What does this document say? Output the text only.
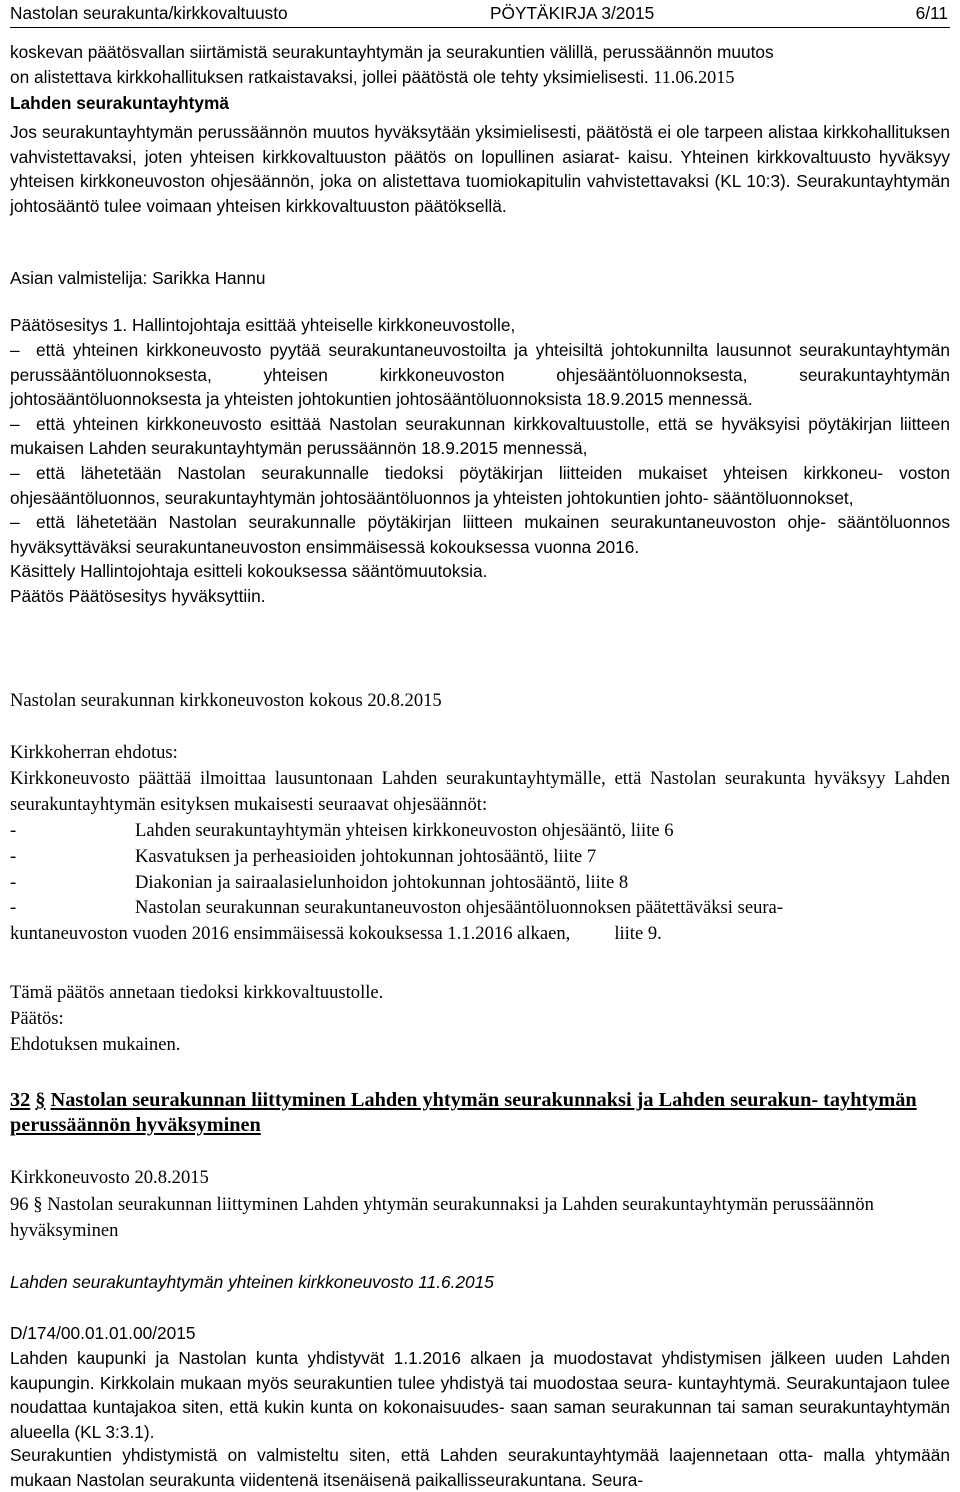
Nastolan seurakunta/kirkkovaltuusto	PÖYTÄKIRJA 3/2015	6/11
koskevan päätösvallan siirtämistä seurakuntayhtymän ja seurakuntien välillä, perussäännön muutos
on alistettava kirkkohallituksen ratkaistavaksi, jollei päätöstä ole tehty yksimielisesti. 11.06.2015
Lahden seurakuntayhtymä
Jos seurakuntayhtymän perussäännön muutos hyväksytään yksimielisesti, päätöstä ei ole tarpeen alistaa kirkkohallituksen vahvistettavaksi, joten yhteisen kirkkovaltuuston päätös on lopullinen asiarat- kaisu. Yhteinen kirkkovaltuusto hyväksyy yhteisen kirkkoneuvoston ohjesäännön, joka on alistettava tuomiokapitulin vahvistettavaksi (KL 10:3). Seurakuntayhtymän johtosääntö tulee voimaan yhteisen kirkkovaltuuston päätöksellä.
Asian valmistelija: Sarikka Hannu
Päätösesitys 1. Hallintojohtaja esittää yhteiselle kirkkoneuvostolle,
– että yhteinen kirkkoneuvosto pyytää seurakuntaneuvostoilta ja yhteisiltä johtokunnilta lausunnot seurakuntayhtymän perussääntöluonnoksesta, yhteisen kirkkoneuvoston ohjesääntöluonnoksesta, seurakuntayhtymän johtosääntöluonnoksesta ja yhteisten johtokuntien johtosääntöluonnoksista 18.9.2015 mennessä.
– että yhteinen kirkkoneuvosto esittää Nastolan seurakunnan kirkkovaltuustolle, että se hyväksyisi pöytäkirjan liitteen mukaisen Lahden seurakuntayhtymän perussäännön 18.9.2015 mennessä,
– että lähetetään Nastolan seurakunnalle tiedoksi pöytäkirjan liitteiden mukaiset yhteisen kirkkoneu- voston ohjesääntöluonnos, seurakuntayhtymän johtosääntöluonnos ja yhteisten johtokuntien johto- sääntöluonnokset,
– että lähetetään Nastolan seurakunnalle pöytäkirjan liitteen mukainen seurakuntaneuvoston ohje- sääntöluonnos hyväksyttäväksi seurakuntaneuvoston ensimmäisessä kokouksessa vuonna 2016.
Käsittely Hallintojohtaja esitteli kokouksessa sääntömuutoksia.
Päätös Päätösesitys hyväksyttiin.
Nastolan seurakunnan kirkkoneuvoston kokous 20.8.2015
Kirkkoherran ehdotus:
Kirkkoneuvosto päättää ilmoittaa lausuntonaan Lahden seurakuntayhtymälle, että Nastolan seurakunta hyväksyy Lahden seurakuntayhtymän esityksen mukaisesti seuraavat ohjesäännöt:
-	Lahden seurakuntayhtymän yhteisen kirkkoneuvoston ohjesääntö, liite 6
-	Kasvatuksen ja perheasioiden johtokunnan johtosääntö, liite 7
-	Diakonian ja sairaalasielunhoidon johtokunnan johtosääntö, liite 8
-	Nastolan seurakunnan seurakuntaneuvoston ohjesääntöluonnoksen päätettäväksi seura-
kuntaneuvoston vuoden 2016 ensimmäisessä kokouksessa 1.1.2016 alkaen, liite 9.
Tämä päätös annetaan tiedoksi kirkkovaltuustolle.
Päätös:
Ehdotuksen mukainen.
32 § Nastolan seurakunnan liittyminen Lahden yhtymän seurakunnaksi ja Lahden seurakun- tayhtymän perussäännön hyväksyminen
Kirkkoneuvosto 20.8.2015
96 § Nastolan seurakunnan liittyminen Lahden yhtymän seurakunnaksi ja Lahden seurakuntayhtymän perussäännön hyväksyminen
Lahden seurakuntayhtymän yhteinen kirkkoneuvosto 11.6.2015
D/174/00.01.01.00/2015
Lahden kaupunki ja Nastolan kunta yhdistyvät 1.1.2016 alkaen ja muodostavat yhdistymisen jälkeen uuden Lahden kaupungin. Kirkkolain mukaan myös seurakuntien tulee yhdistyä tai muodostaa seura- kuntayhtymä. Seurakuntajaon tulee noudattaa kuntajakoa siten, että kukin kunta on kokonaisuudes- saan saman seurakunnan tai saman seurakuntayhtymän alueella (KL 3:3.1).
Seurakuntien yhdistymistä on valmisteltu siten, että Lahden seurakuntayhtymää laajennetaan otta- malla yhtymään mukaan Nastolan seurakunta viidentenä itsenäisenä paikallisseurakuntana. Seura-
